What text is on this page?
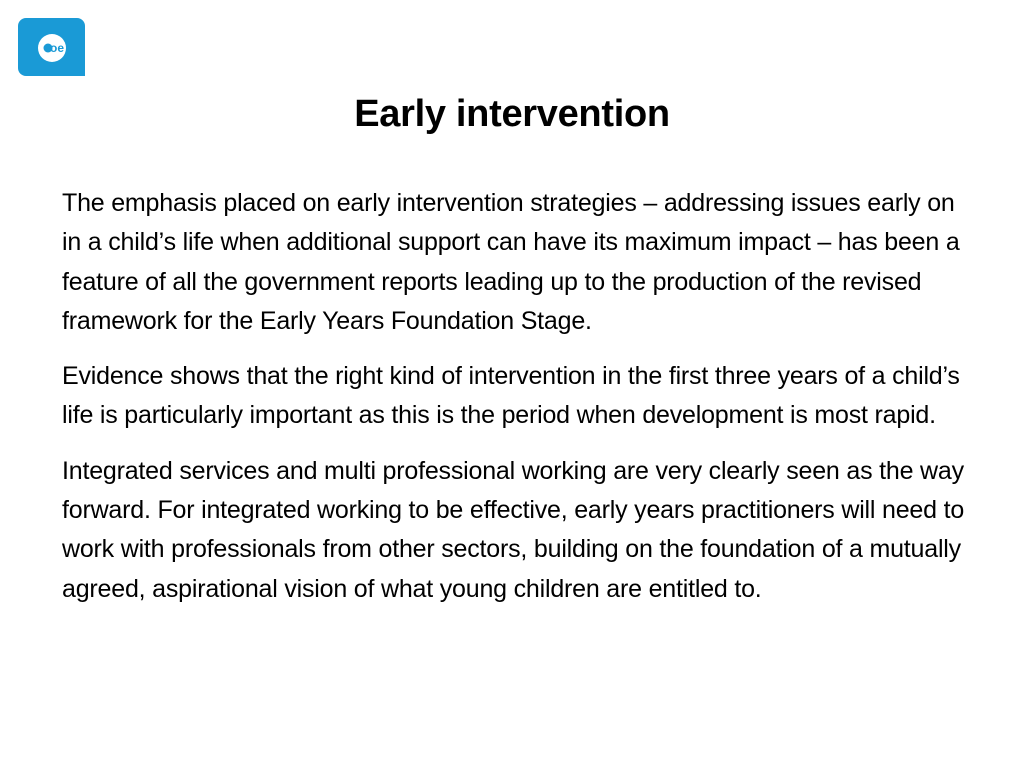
oe
Early intervention

The emphasis placed on early intervention strategies – addressing issues early on in a child’s life when additional support can have its maximum impact – has been a feature of all the government reports leading up to the production of the revised framework for the Early Years Foundation Stage.

Evidence shows that the right kind of intervention in the first three years of a child’s life is particularly important as this is the period when development is most rapid.

Integrated services and multi professional working are very clearly seen as the way forward. For integrated working to be effective, early years practitioners will need to work with professionals from other sectors, building on the foundation of a mutually agreed, aspirational vision of what young children are entitled to.
